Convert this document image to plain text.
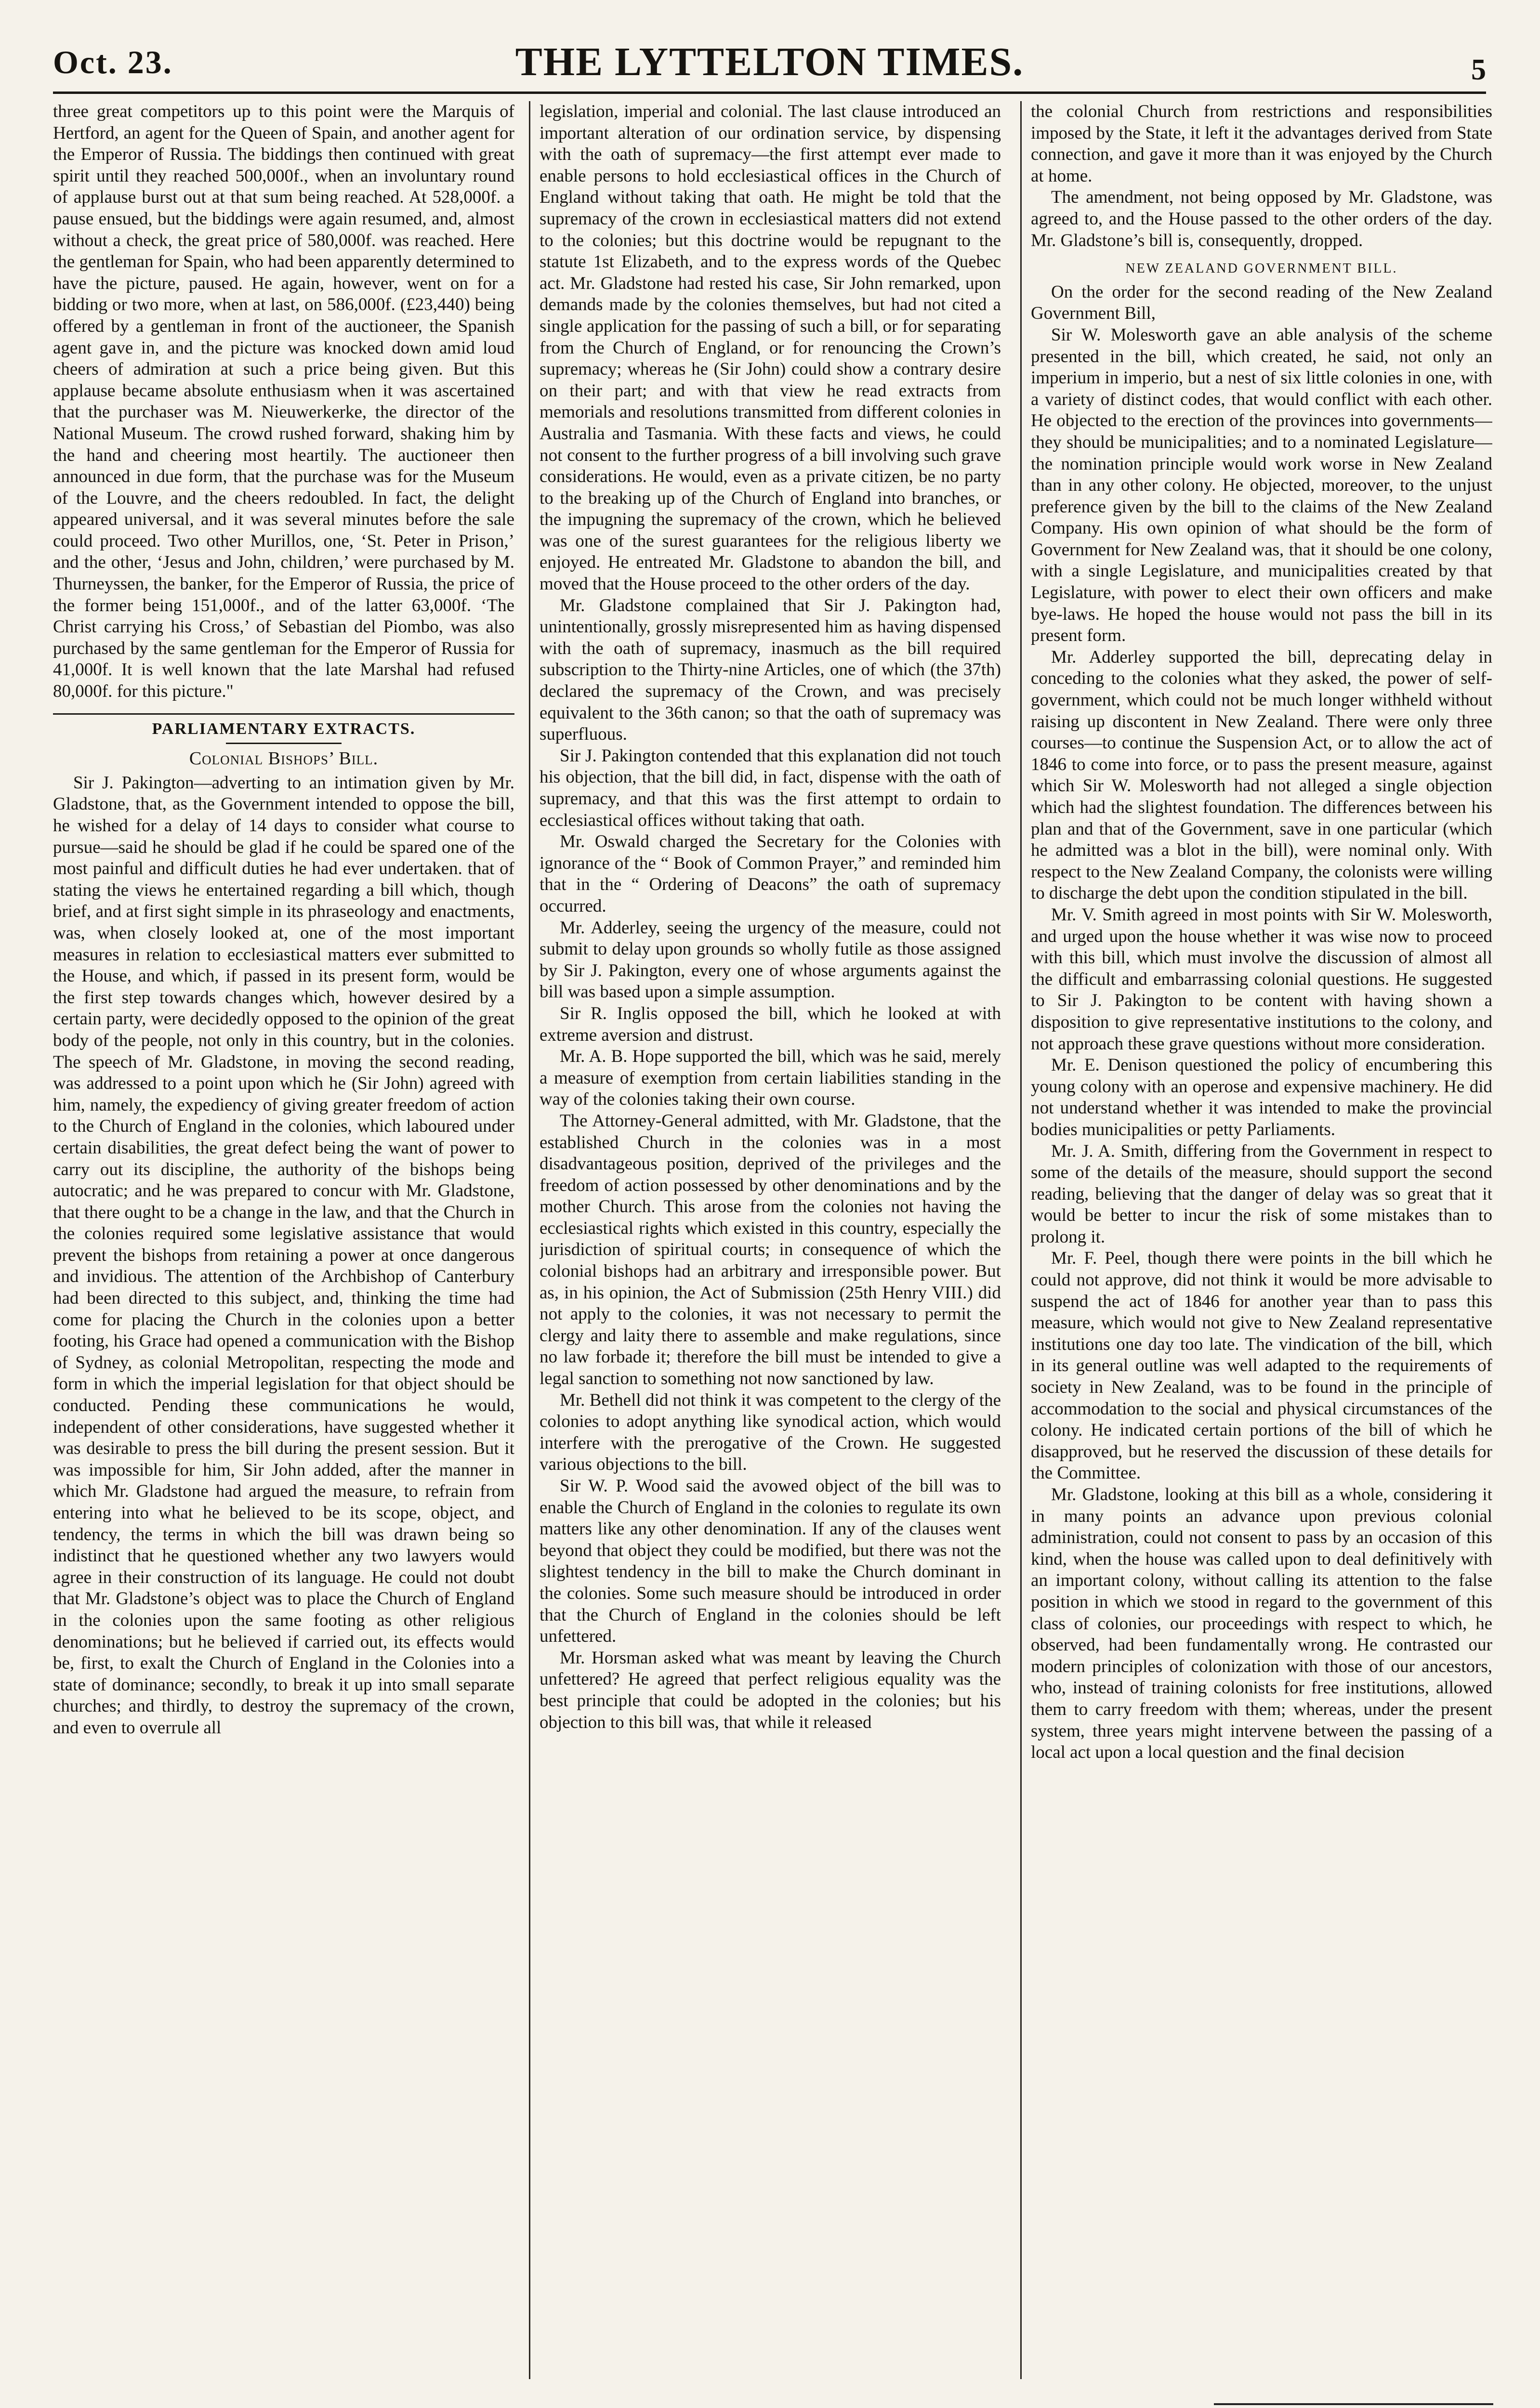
Oct. 23.	THE LYTTELTON TIMES.	5

three great competitors up to this point were the Marquis of Hertford, an agent for the Queen of Spain, and another agent for the Emperor of Russia. The biddings then continued with great spirit until they reached 500,000f., when an involuntary round of applause burst out at that sum being reached. At 528,000f. a pause ensued, but the biddings were again resumed, and, almost without a check, the great price of 580,000f. was reached. Here the gentleman for Spain, who had been apparently determined to have the picture, paused. He again, however, went on for a bidding or two more, when at last, on 586,000f. (£23,440) being offered by a gentleman in front of the auctioneer, the Spanish agent gave in, and the picture was knocked down amid loud cheers of admiration at such a price being given. But this applause became absolute enthusiasm when it was ascertained that the purchaser was M. Nieuwerkerke, the director of the National Museum. The crowd rushed forward, shaking him by the hand and cheering most heartily. The auctioneer then announced in due form, that the purchase was for the Museum of the Louvre, and the cheers redoubled. In fact, the delight appeared universal, and it was several minutes before the sale could proceed. Two other Murillos, one, ‘St. Peter in Prison,’ and the other, ‘Jesus and John, children,’ were purchased by M. Thurneyssen, the banker, for the Emperor of Russia, the price of the former being 151,000f., and of the latter 63,000f. ‘The Christ carrying his Cross,’ of Sebastian del Piombo, was also purchased by the same gentleman for the Emperor of Russia for 41,000f. It is well known that the late Marshal had refused 80,000f. for this picture."

PARLIAMENTARY EXTRACTS.
Colonial Bishops’ Bill.

Sir J. Pakington—adverting to an intimation given by Mr. Gladstone, that, as the Government intended to oppose the bill, he wished for a delay of 14 days to consider what course to pursue—said he should be glad if he could be spared one of the most painful and difficult duties he had ever undertaken. that of stating the views he entertained regarding a bill which, though brief, and at first sight simple in its phraseology and enactments, was, when closely looked at, one of the most important measures in relation to ecclesiastical matters ever submitted to the House, and which, if passed in its present form, would be the first step towards changes which, however desired by a certain party, were decidedly opposed to the opinion of the great body of the people, not only in this country, but in the colonies. The speech of Mr. Gladstone, in moving the second reading, was addressed to a point upon which he (Sir John) agreed with him, namely, the expediency of giving greater freedom of action to the Church of England in the colonies, which laboured under certain disabilities, the great defect being the want of power to carry out its discipline, the authority of the bishops being autocratic; and he was prepared to concur with Mr. Gladstone, that there ought to be a change in the law, and that the Church in the colonies required some legislative assistance that would prevent the bishops from retaining a power at once dangerous and invidious. The attention of the Archbishop of Canterbury had been directed to this subject, and, thinking the time had come for placing the Church in the colonies upon a better footing, his Grace had opened a communication with the Bishop of Sydney, as colonial Metropolitan, respecting the mode and form in which the imperial legislation for that object should be conducted. Pending these communications he would, independent of other considerations, have suggested whether it was desirable to press the bill during the present session. But it was impossible for him, Sir John added, after the manner in which Mr. Gladstone had argued the measure, to refrain from entering into what he believed to be its scope, object, and tendency, the terms in which the bill was drawn being so indistinct that he questioned whether any two lawyers would agree in their construction of its language. He could not doubt that Mr. Gladstone’s object was to place the Church of England in the colonies upon the same footing as other religious denominations; but he believed if carried out, its effects would be, first, to exalt the Church of England in the Colonies into a state of dominance; secondly, to break it up into small separate churches; and thirdly, to destroy the supremacy of the crown, and even to overrule all

legislation, imperial and colonial. The last clause introduced an important alteration of our ordination service, by dispensing with the oath of supremacy—the first attempt ever made to enable persons to hold ecclesiastical offices in the Church of England without taking that oath. He might be told that the supremacy of the crown in ecclesiastical matters did not extend to the colonies; but this doctrine would be repugnant to the statute 1st Elizabeth, and to the express words of the Quebec act. Mr. Gladstone had rested his case, Sir John remarked, upon demands made by the colonies themselves, but had not cited a single application for the passing of such a bill, or for separating from the Church of England, or for renouncing the Crown’s supremacy; whereas he (Sir John) could show a contrary desire on their part; and with that view he read extracts from memorials and resolutions transmitted from different colonies in Australia and Tasmania. With these facts and views, he could not consent to the further progress of a bill involving such grave considerations. He would, even as a private citizen, be no party to the breaking up of the Church of England into branches, or the impugning the supremacy of the crown, which he believed was one of the surest guarantees for the religious liberty we enjoyed. He entreated Mr. Gladstone to abandon the bill, and moved that the House proceed to the other orders of the day.

Mr. Gladstone complained that Sir J. Pakington had, unintentionally, grossly misrepresented him as having dispensed with the oath of supremacy, inasmuch as the bill required subscription to the Thirty-nine Articles, one of which (the 37th) declared the supremacy of the Crown, and was precisely equivalent to the 36th canon; so that the oath of supremacy was superfluous.

Sir J. Pakington contended that this explanation did not touch his objection, that the bill did, in fact, dispense with the oath of supremacy, and that this was the first attempt to ordain to ecclesiastical offices without taking that oath.

Mr. Oswald charged the Secretary for the Colonies with ignorance of the “ Book of Common Prayer,” and reminded him that in the “ Ordering of Deacons” the oath of supremacy occurred.

Mr. Adderley, seeing the urgency of the measure, could not submit to delay upon grounds so wholly futile as those assigned by Sir J. Pakington, every one of whose arguments against the bill was based upon a simple assumption.

Sir R. Inglis opposed the bill, which he looked at with extreme aversion and distrust.

Mr. A. B. Hope supported the bill, which was he said, merely a measure of exemption from certain liabilities standing in the way of the colonies taking their own course.

The Attorney-General admitted, with Mr. Gladstone, that the established Church in the colonies was in a most disadvantageous position, deprived of the privileges and the freedom of action possessed by other denominations and by the mother Church. This arose from the colonies not having the ecclesiastical rights which existed in this country, especially the jurisdiction of spiritual courts; in consequence of which the colonial bishops had an arbitrary and irresponsible power. But as, in his opinion, the Act of Submission (25th Henry VIII.) did not apply to the colonies, it was not necessary to permit the clergy and laity there to assemble and make regulations, since no law forbade it; therefore the bill must be intended to give a legal sanction to something not now sanctioned by law.

Mr. Bethell did not think it was competent to the clergy of the colonies to adopt anything like synodical action, which would interfere with the prerogative of the Crown. He suggested various objections to the bill.

Sir W. P. Wood said the avowed object of the bill was to enable the Church of England in the colonies to regulate its own matters like any other denomination. If any of the clauses went beyond that object they could be modified, but there was not the slightest tendency in the bill to make the Church dominant in the colonies. Some such measure should be introduced in order that the Church of England in the colonies should be left unfettered.

Mr. Horsman asked what was meant by leaving the Church unfettered? He agreed that perfect religious equality was the best principle that could be adopted in the colonies; but his objection to this bill was, that while it released

the colonial Church from restrictions and responsibilities imposed by the State, it left it the advantages derived from State connection, and gave it more than it was enjoyed by the Church at home.

The amendment, not being opposed by Mr. Gladstone, was agreed to, and the House passed to the other orders of the day. Mr. Gladstone’s bill is, consequently, dropped.

NEW ZEALAND GOVERNMENT BILL.

On the order for the second reading of the New Zealand Government Bill,

Sir W. Molesworth gave an able analysis of the scheme presented in the bill, which created, he said, not only an imperium in imperio, but a nest of six little colonies in one, with a variety of distinct codes, that would conflict with each other. He objected to the erection of the provinces into governments—they should be municipalities; and to a nominated Legislature—the nomination principle would work worse in New Zealand than in any other colony. He objected, moreover, to the unjust preference given by the bill to the claims of the New Zealand Company. His own opinion of what should be the form of Government for New Zealand was, that it should be one colony, with a single Legislature, and municipalities created by that Legislature, with power to elect their own officers and make bye-laws. He hoped the house would not pass the bill in its present form.

Mr. Adderley supported the bill, deprecating delay in conceding to the colonies what they asked, the power of self-government, which could not be much longer withheld without raising up discontent in New Zealand. There were only three courses—to continue the Suspension Act, or to allow the act of 1846 to come into force, or to pass the present measure, against which Sir W. Molesworth had not alleged a single objection which had the slightest foundation. The differences between his plan and that of the Government, save in one particular (which he admitted was a blot in the bill), were nominal only. With respect to the New Zealand Company, the colonists were willing to discharge the debt upon the condition stipulated in the bill.

Mr. V. Smith agreed in most points with Sir W. Molesworth, and urged upon the house whether it was wise now to proceed with this bill, which must involve the discussion of almost all the difficult and embarrassing colonial questions. He suggested to Sir J. Pakington to be content with having shown a disposition to give representative institutions to the colony, and not approach these grave questions without more consideration.

Mr. E. Denison questioned the policy of encumbering this young colony with an operose and expensive machinery. He did not understand whether it was intended to make the provincial bodies municipalities or petty Parliaments.

Mr. J. A. Smith, differing from the Government in respect to some of the details of the measure, should support the second reading, believing that the danger of delay was so great that it would be better to incur the risk of some mistakes than to prolong it.

Mr. F. Peel, though there were points in the bill which he could not approve, did not think it would be more advisable to suspend the act of 1846 for another year than to pass this measure, which would not give to New Zealand representative institutions one day too late. The vindication of the bill, which in its general outline was well adapted to the requirements of society in New Zealand, was to be found in the principle of accommodation to the social and physical circumstances of the colony. He indicated certain portions of the bill of which he disapproved, but he reserved the discussion of these details for the Committee.

Mr. Gladstone, looking at this bill as a whole, considering it in many points an advance upon previous colonial administration, could not consent to pass by an occasion of this kind, when the house was called upon to deal definitively with an important colony, without calling its attention to the false position in which we stood in regard to the government of this class of colonies, our proceedings with respect to which, he observed, had been fundamentally wrong. He contrasted our modern principles of colonization with those of our ancestors, who, instead of training colonists for free institutions, allowed them to carry freedom with them; whereas, under the present system, three years might intervene between the passing of a local act upon a local question and the final decision
